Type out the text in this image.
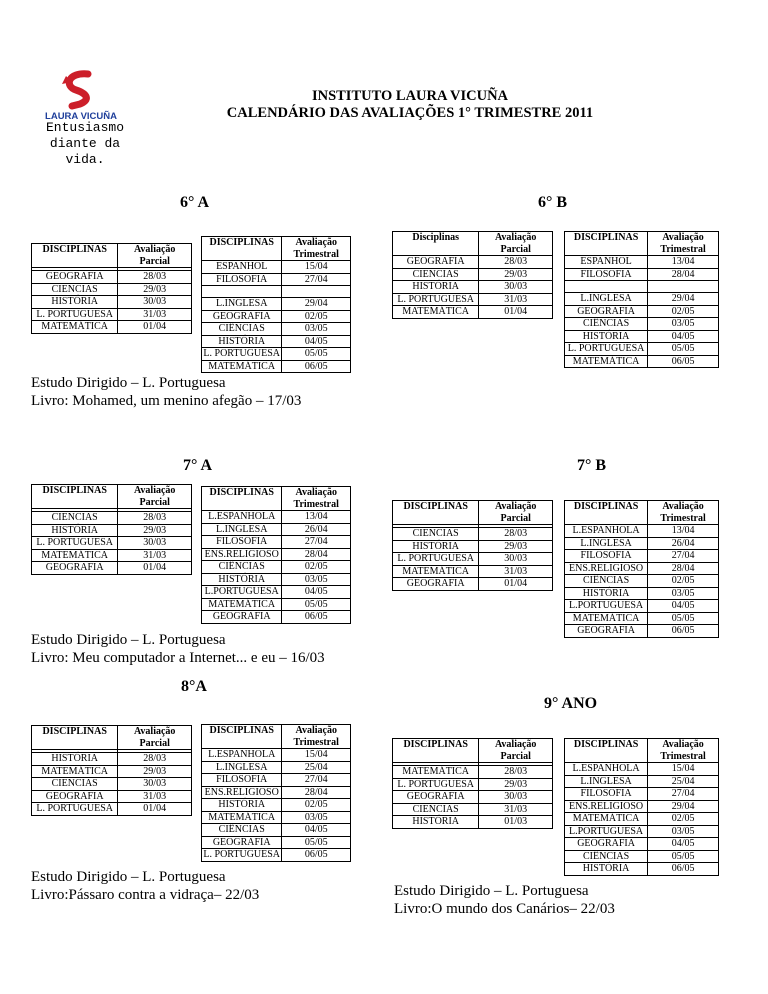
LAURA VICUÑA
Entusiasmo
diante da
vida.
INSTITUTO LAURA VICUÑA
CALENDÁRIO DAS AVALIAÇÕES 1° TRIMESTRE 2011
6° A	6° B
7° A	7° B
8°A
9° ANO
DISCIPLINAS	Avaliação Parcial

GEOGRAFIA	28/03
CIENCIAS	29/03
HISTÓRIA	30/03
L. PORTUGUESA	31/03
MATEMÁTICA	01/04
DISCIPLINAS	Avaliação Trimestral
ESPANHOL	15/04
FILOSOFIA	27/04

L.INGLESA	29/04
GEOGRAFIA	02/05
CIÊNCIAS	03/05
HISTÓRIA	04/05
L. PORTUGUESA	05/05
MATEMÁTICA	06/05
Disciplinas	Avaliação Parcial
GEOGRAFIA	28/03
CIENCIAS	29/03
HISTÓRIA	30/03
L. PORTUGUESA	31/03
MATEMÁTICA	01/04
DISCIPLINAS	Avaliação Trimestral
ESPANHOL	13/04
FILOSOFIA	28/04

L.INGLESA	29/04
GEOGRAFIA	02/05
CIÊNCIAS	03/05
HISTÓRIA	04/05
L. PORTUGUESA	05/05
MATEMÁTICA	06/05
DISCIPLINAS	Avaliação Parcial

CIENCIAS	28/03
HISTÓRIA	29/03
L. PORTUGUESA	30/03
MATEMÁTICA	31/03
GEOGRAFIA	01/04
DISCIPLINAS	Avaliação Trimestral
L.ESPANHOLA	13/04
L.INGLESA	26/04
FILOSOFIA	27/04
ENS.RELIGIOSO	28/04
CIÊNCIAS	02/05
HISTÓRIA	03/05
L.PORTUGUESA	04/05
MATEMÁTICA	05/05
GEOGRAFIA	06/05
DISCIPLINAS	Avaliação Parcial

CIENCIAS	28/03
HISTÓRIA	29/03
L. PORTUGUESA	30/03
MATEMÁTICA	31/03
GEOGRAFIA	01/04
DISCIPLINAS	Avaliação Trimestral
L.ESPANHOLA	13/04
L.INGLESA	26/04
FILOSOFIA	27/04
ENS.RELIGIOSO	28/04
CIÊNCIAS	02/05
HISTÓRIA	03/05
L.PORTUGUESA	04/05
MATEMÁTICA	05/05
GEOGRAFIA	06/05
DISCIPLINAS	Avaliação Parcial

HISTÓRIA	28/03
MATEMÁTICA	29/03
CIENCIAS	30/03
GEOGRAFIA	31/03
L. PORTUGUESA	01/04
DISCIPLINAS	Avaliação Trimestral
L.ESPANHOLA	15/04
L.INGLESA	25/04
FILOSOFIA	27/04
ENS.RELIGIOSO	28/04
HISTÓRIA	02/05
MATEMÁTICA	03/05
CIÊNCIAS	04/05
GEOGRAFIA	05/05
L. PORTUGUESA	06/05
DISCIPLINAS	Avaliação Parcial

MATEMÁTICA	28/03
L. PORTUGUESA	29/03
GEOGRAFIA	30/03
CIENCIAS	31/03
HISTÓRIA	01/03
DISCIPLINAS	Avaliação Trimestral
L.ESPANHOLA	15/04
L.INGLESA	25/04
FILOSOFIA	27/04
ENS.RELIGIOSO	29/04
MATEMÁTICA	02/05
L.PORTUGUESA	03/05
GEOGRAFIA	04/05
CIÊNCIAS	05/05
HISTÓRIA	06/05
Estudo Dirigido – L. Portuguesa
Livro: Mohamed, um menino afegão – 17/03
Estudo Dirigido – L. Portuguesa
Livro: Meu computador a Internet... e eu – 16/03
Estudo Dirigido – L. Portuguesa
Livro:Pássaro contra a vidraça– 22/03	Estudo Dirigido – L. Portuguesa
Livro:O mundo dos Canários– 22/03
